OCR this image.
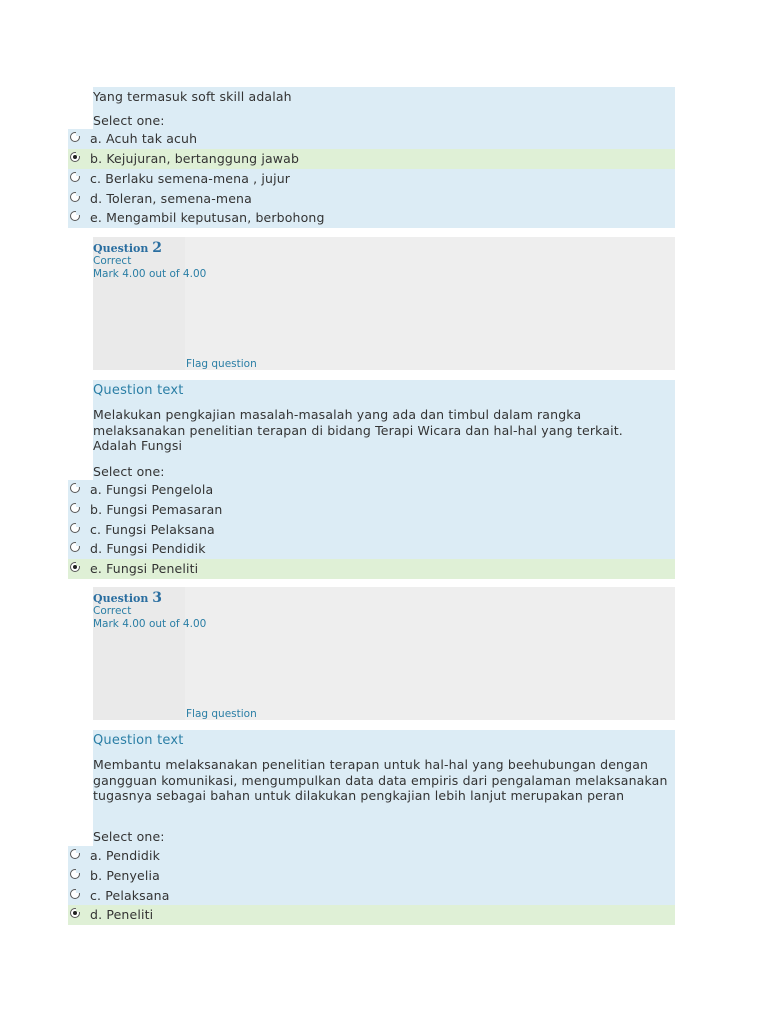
Yang termasuk soft skill adalah
Select one:
a. Acuh tak acuh
b. Kejujuran, bertanggung jawab
c. Berlaku semena-mena , jujur
d. Toleran, semena-mena
e. Mengambil keputusan, berbohong
Question 2
Correct
Mark 4.00 out of 4.00
Flag question
Question text
Melakukan pengkajian masalah-masalah yang ada dan timbul dalam rangka melaksanakan penelitian terapan di bidang Terapi Wicara dan hal-hal yang terkait. Adalah Fungsi
Select one:
a. Fungsi Pengelola
b. Fungsi Pemasaran
c. Fungsi Pelaksana
d. Fungsi Pendidik
e. Fungsi Peneliti
Question 3
Correct
Mark 4.00 out of 4.00
Flag question
Question text
Membantu melaksanakan penelitian terapan untuk hal-hal yang beehubungan dengan gangguan komunikasi, mengumpulkan data data empiris dari pengalaman melaksanakan tugasnya sebagai bahan untuk dilakukan pengkajian lebih lanjut merupakan peran
Select one:
a. Pendidik
b. Penyelia
c. Pelaksana
d. Peneliti
